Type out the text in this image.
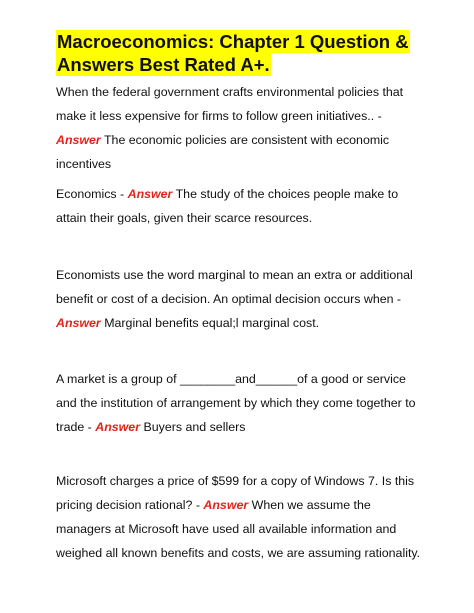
Macroeconomics: Chapter 1 Question &
Answers Best Rated A+.
When the federal government crafts environmental policies that make it less expensive for firms to follow green initiatives.. - Answer The economic policies are consistent with economic incentives
Economics - Answer The study of the choices people make to attain their goals, given their scarce resources.
Economists use the word marginal to mean an extra or additional benefit or cost of a decision. An optimal decision occurs when - Answer Marginal benefits equal;l marginal cost.
A market is a group of ________and______of a good or service and the institution of arrangement by which they come together to trade - Answer Buyers and sellers
Microsoft charges a price of $599 for a copy of Windows 7. Is this pricing decision rational? - Answer When we assume the managers at Microsoft have used all available information and weighed all known benefits and costs, we are assuming rationality.
